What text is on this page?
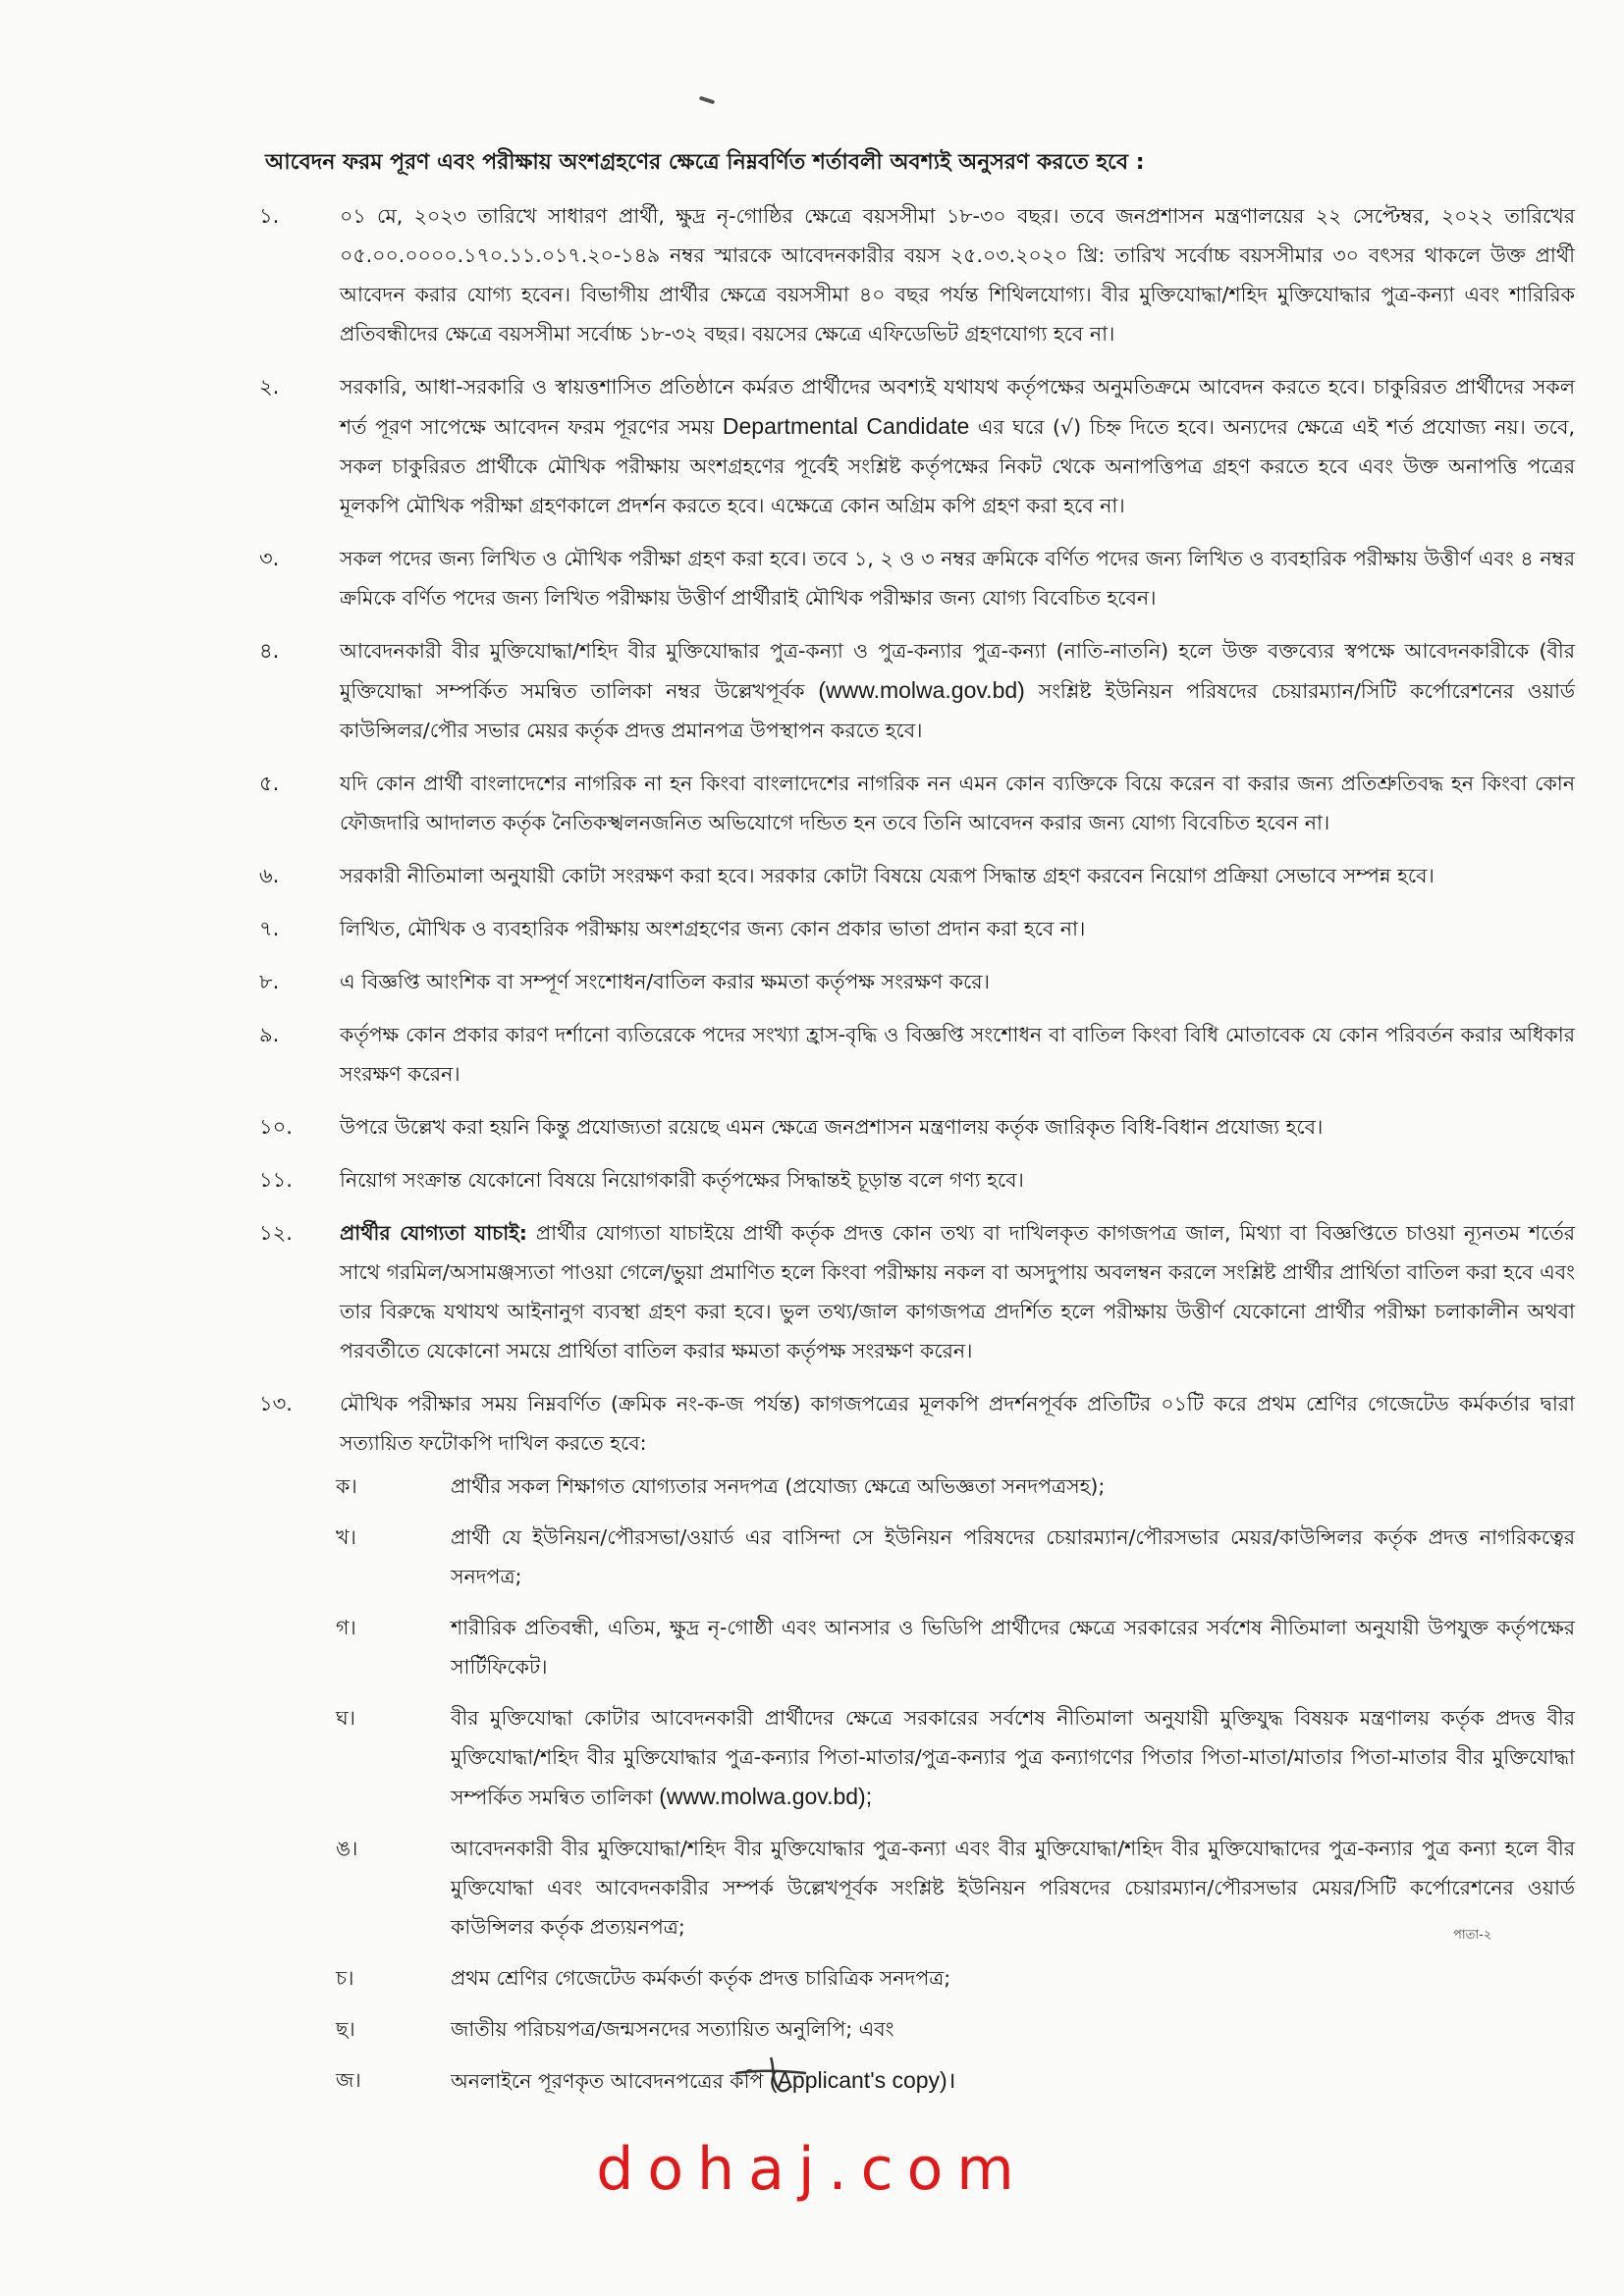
আবেদন ফরম পূরণ এবং পরীক্ষায় অংশগ্রহণের ক্ষেত্রে নিম্নবর্ণিত শর্তাবলী অবশ্যই অনুসরণ করতে হবে :
১.	০১ মে, ২০২৩ তারিখে সাধারণ প্রার্থী, ক্ষুদ্র নৃ-গোষ্ঠির ক্ষেত্রে বয়সসীমা ১৮-৩০ বছর। তবে জনপ্রশাসন মন্ত্রণালয়ের ২২ সেপ্টেম্বর, ২০২২ তারিখের ০৫.০০.০০০০.১৭০.১১.০১৭.২০-১৪৯ নম্বর স্মারকে আবেদনকারীর বয়স ২৫.০৩.২০২০ খ্রি: তারিখ সর্বোচ্চ বয়সসীমার ৩০ বৎসর থাকলে উক্ত প্রার্থী আবেদন করার যোগ্য হবেন। বিভাগীয় প্রার্থীর ক্ষেত্রে বয়সসীমা ৪০ বছর পর্যন্ত শিথিলযোগ্য। বীর মুক্তিযোদ্ধা/শহিদ মুক্তিযোদ্ধার পুত্র-কন্যা এবং শারিরিক প্রতিবন্ধীদের ক্ষেত্রে বয়সসীমা সর্বোচ্চ ১৮-৩২ বছর। বয়সের ক্ষেত্রে এফিডেভিট গ্রহণযোগ্য হবে না।
২.	সরকারি, আধা-সরকারি ও স্বায়ত্তশাসিত প্রতিষ্ঠানে কর্মরত প্রার্থীদের অবশ্যই যথাযথ কর্তৃপক্ষের অনুমতিক্রমে আবেদন করতে হবে। চাকুরিরত প্রার্থীদের সকল শর্ত পূরণ সাপেক্ষে আবেদন ফরম পূরণের সময় Departmental Candidate এর ঘরে (√) চিহ্ন দিতে হবে। অন্যদের ক্ষেত্রে এই শর্ত প্রযোজ্য নয়। তবে, সকল চাকুরিরত প্রার্থীকে মৌখিক পরীক্ষায় অংশগ্রহণের পূর্বেই সংশ্লিষ্ট কর্তৃপক্ষের নিকট থেকে অনাপত্তিপত্র গ্রহণ করতে হবে এবং উক্ত অনাপত্তি পত্রের মূলকপি মৌখিক পরীক্ষা গ্রহণকালে প্রদর্শন করতে হবে। এক্ষেত্রে কোন অগ্রিম কপি গ্রহণ করা হবে না।
৩.	সকল পদের জন্য লিখিত ও মৌখিক পরীক্ষা গ্রহণ করা হবে। তবে ১, ২ ও ৩ নম্বর ক্রমিকে বর্ণিত পদের জন্য লিখিত ও ব্যবহারিক পরীক্ষায় উত্তীর্ণ এবং ৪ নম্বর ক্রমিকে বর্ণিত পদের জন্য লিখিত পরীক্ষায় উত্তীর্ণ প্রার্থীরাই মৌখিক পরীক্ষার জন্য যোগ্য বিবেচিত হবেন।
৪.	আবেদনকারী বীর মুক্তিযোদ্ধা/শহিদ বীর মুক্তিযোদ্ধার পুত্র-কন্যা ও পুত্র-কন্যার পুত্র-কন্যা (নাতি-নাতনি) হলে উক্ত বক্তব্যের স্বপক্ষে আবেদনকারীকে (বীর মুক্তিযোদ্ধা সম্পর্কিত সমন্বিত তালিকা নম্বর উল্লেখপূর্বক (www.molwa.gov.bd) সংশ্লিষ্ট ইউনিয়ন পরিষদের চেয়ারম্যান/সিটি কর্পোরেশনের ওয়ার্ড কাউন্সিলর/পৌর সভার মেয়র কর্তৃক প্রদত্ত প্রমানপত্র উপস্থাপন করতে হবে।
৫.	যদি কোন প্রার্থী বাংলাদেশের নাগরিক না হন কিংবা বাংলাদেশের নাগরিক নন এমন কোন ব্যক্তিকে বিয়ে করেন বা করার জন্য প্রতিশ্রুতিবদ্ধ হন কিংবা কোন ফৌজদারি আদালত কর্তৃক নৈতিকস্খলনজনিত অভিযোগে দন্ডিত হন তবে তিনি আবেদন করার জন্য যোগ্য বিবেচিত হবেন না।
৬.	সরকারী নীতিমালা অনুযায়ী কোটা সংরক্ষণ করা হবে। সরকার কোটা বিষয়ে যেরূপ সিদ্ধান্ত গ্রহণ করবেন নিয়োগ প্রক্রিয়া সেভাবে সম্পন্ন হবে।
৭.	লিখিত, মৌখিক ও ব্যবহারিক পরীক্ষায় অংশগ্রহণের জন্য কোন প্রকার ভাতা প্রদান করা হবে না।
৮.	এ বিজ্ঞপ্তি আংশিক বা সম্পূর্ণ সংশোধন/বাতিল করার ক্ষমতা কর্তৃপক্ষ সংরক্ষণ করে।
৯.	কর্তৃপক্ষ কোন প্রকার কারণ দর্শানো ব্যতিরেকে পদের সংখ্যা হ্রাস-বৃদ্ধি ও বিজ্ঞপ্তি সংশোধন বা বাতিল কিংবা বিধি মোতাবেক যে কোন পরিবর্তন করার অধিকার সংরক্ষণ করেন।
১০.	উপরে উল্লেখ করা হয়নি কিন্তু প্রযোজ্যতা রয়েছে এমন ক্ষেত্রে জনপ্রশাসন মন্ত্রণালয় কর্তৃক জারিকৃত বিধি-বিধান প্রযোজ্য হবে।
১১.	নিয়োগ সংক্রান্ত যেকোনো বিষয়ে নিয়োগকারী কর্তৃপক্ষের সিদ্ধান্তই চূড়ান্ত বলে গণ্য হবে।
১২.	প্রার্থীর যোগ্যতা যাচাই: প্রার্থীর যোগ্যতা যাচাইয়ে প্রার্থী কর্তৃক প্রদত্ত কোন তথ্য বা দাখিলকৃত কাগজপত্র জাল, মিথ্যা বা বিজ্ঞপ্তিতে চাওয়া ন্যূনতম শর্তের সাথে গরমিল/অসামঞ্জস্যতা পাওয়া গেলে/ভুয়া প্রমাণিত হলে কিংবা পরীক্ষায় নকল বা অসদুপায় অবলম্বন করলে সংশ্লিষ্ট প্রার্থীর প্রার্থিতা বাতিল করা হবে এবং তার বিরুদ্ধে যথাযথ আইনানুগ ব্যবস্থা গ্রহণ করা হবে। ভুল তথ্য/জাল কাগজপত্র প্রদর্শিত হলে পরীক্ষায় উত্তীর্ণ যেকোনো প্রার্থীর পরীক্ষা চলাকালীন অথবা পরবর্তীতে যেকোনো সময়ে প্রার্থিতা বাতিল করার ক্ষমতা কর্তৃপক্ষ সংরক্ষণ করেন।
১৩.	মৌখিক পরীক্ষার সময় নিম্নবর্ণিত (ক্রমিক নং-ক-জ পর্যন্ত) কাগজপত্রের মূলকপি প্রদর্শনপূর্বক প্রতিটির ০১টি করে প্রথম শ্রেণির গেজেটেড কর্মকর্তার দ্বারা সত্যায়িত ফটোকপি দাখিল করতে হবে:
ক।	প্রার্থীর সকল শিক্ষাগত যোগ্যতার সনদপত্র (প্রযোজ্য ক্ষেত্রে অভিজ্ঞতা সনদপত্রসহ);
খ।	প্রার্থী যে ইউনিয়ন/পৌরসভা/ওয়ার্ড এর বাসিন্দা সে ইউনিয়ন পরিষদের চেয়ারম্যান/পৌরসভার মেয়র/কাউন্সিলর কর্তৃক প্রদত্ত নাগরিকত্বের সনদপত্র;
গ।	শারীরিক প্রতিবন্ধী, এতিম, ক্ষুদ্র নৃ-গোষ্ঠী এবং আনসার ও ভিডিপি প্রার্থীদের ক্ষেত্রে সরকারের সর্বশেষ নীতিমালা অনুযায়ী উপযুক্ত কর্তৃপক্ষের সার্টিফিকেট।
ঘ।	বীর মুক্তিযোদ্ধা কোটার আবেদনকারী প্রার্থীদের ক্ষেত্রে সরকারের সর্বশেষ নীতিমালা অনুযায়ী মুক্তিযুদ্ধ বিষয়ক মন্ত্রণালয় কর্তৃক প্রদত্ত বীর মুক্তিযোদ্ধা/শহিদ বীর মুক্তিযোদ্ধার পুত্র-কন্যার পিতা-মাতার/পুত্র-কন্যার পুত্র কন্যাগণের পিতার পিতা-মাতা/মাতার পিতা-মাতার বীর মুক্তিযোদ্ধা সম্পর্কিত সমন্বিত তালিকা (www.molwa.gov.bd);
ঙ।	আবেদনকারী বীর মুক্তিযোদ্ধা/শহিদ বীর মুক্তিযোদ্ধার পুত্র-কন্যা এবং বীর মুক্তিযোদ্ধা/শহিদ বীর মুক্তিযোদ্ধাদের পুত্র-কন্যার পুত্র কন্যা হলে বীর মুক্তিযোদ্ধা এবং আবেদনকারীর সম্পর্ক উল্লেখপূর্বক সংশ্লিষ্ট ইউনিয়ন পরিষদের চেয়ারম্যান/পৌরসভার মেয়র/সিটি কর্পোরেশনের ওয়ার্ড কাউন্সিলর কর্তৃক প্রত্যয়নপত্র;
চ।	প্রথম শ্রেণির গেজেটেড কর্মকর্তা কর্তৃক প্রদত্ত চারিত্রিক সনদপত্র;
ছ।	জাতীয় পরিচয়পত্র/জন্মসনদের সত্যায়িত অনুলিপি; এবং
জ।	অনলাইনে পূরণকৃত আবেদনপত্রের কপি (Applicant's copy)।
পাতা-২
dohaj.com
